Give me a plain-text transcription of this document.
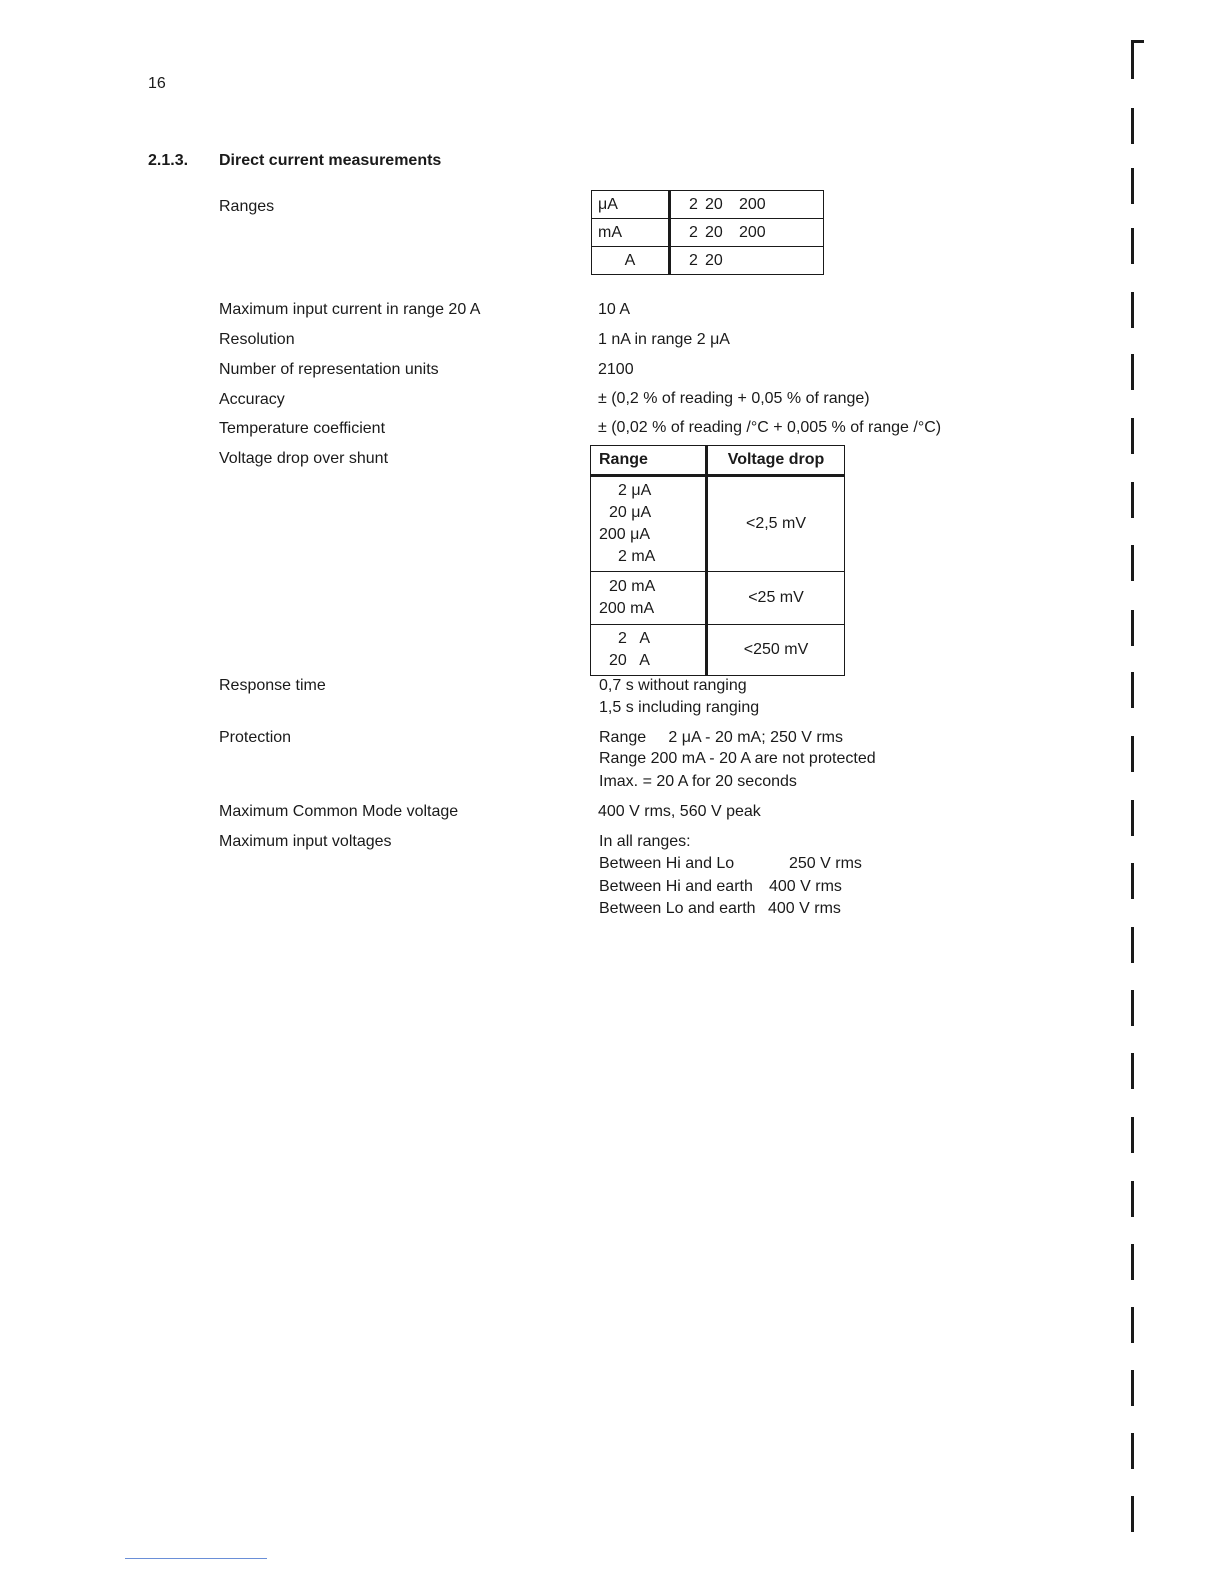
16
2.1.3. Direct current measurements
Ranges	μA	2 20 200
mA	2 20 200
A	2 20
Maximum input current in range 20 A	10 A
Resolution	1 nA in range 2 μA
Number of representation units	2100
Accuracy	± (0,2 % of reading + 0,05 % of range)
Temperature coefficient	± (0,02 % of reading /°C + 0,005 % of range /°C)
Voltage drop over shunt	Range	Voltage drop

2 μA
20 μA
200 μA
2 mA	<2,5 mV

20 mA
200 mA	<25 mV

2   A
20   A	<250 mV
Response time	0,7 s without ranging
1,5 s including ranging
Protection	Range     2 μA - 20 mA; 250 V rms
Range 200 mA - 20 A are not protected
Imax. = 20 A for 20 seconds
Maximum Common Mode voltage	400 V rms, 560 V peak
Maximum input voltages	In all ranges:
Between Hi and Lo	250 V rms
Between Hi and earth 400 V rms
Between Lo and earth 400 V rms
